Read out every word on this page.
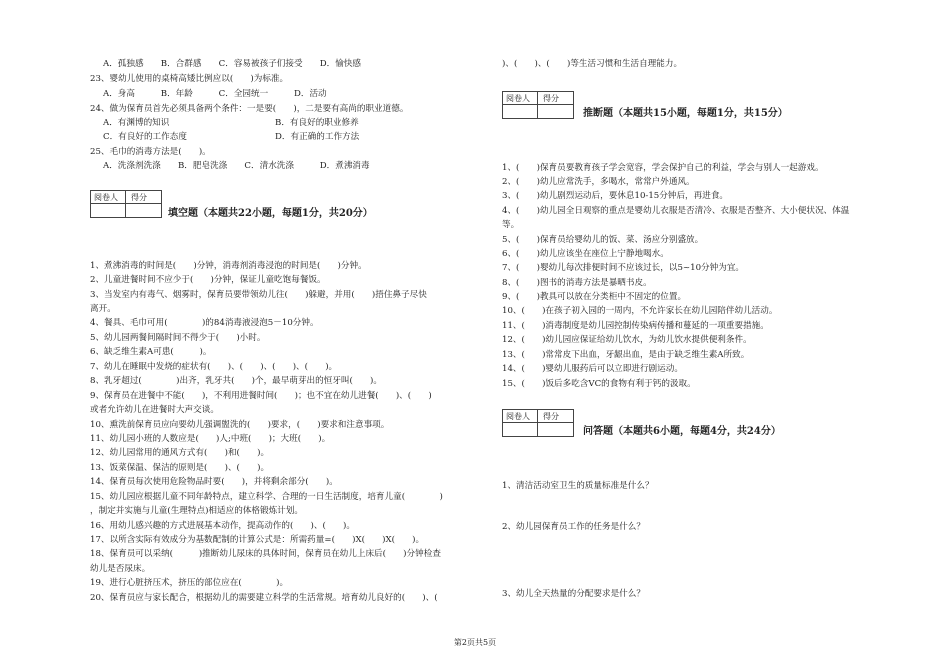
A．孤独感　　B．合群感　　C．容易被孩子们接受　　D．愉快感
23、婴幼儿使用的桌椅高矮比例应以(　　)为标准。
A．身高　　　B．年龄　　　C．全园统一　　　D．活动
24、做为保育员首先必须具备两个条件：一是要(　　)，二是要有高尚的职业道德。
A．有渊博的知识	B．有良好的职业修养
C．有良好的工作态度	D．有正确的工作方法
25、毛巾的消毒方法是(　　)。
A．洗涤剂洗涤　　B．肥皂洗涤　　C．清水洗涤　　　D．煮沸消毒
阅卷人 得分
填空题（本题共22小题，每题1分，共20分）
1、煮沸消毒的时间是(　　)分钟，消毒剂消毒浸泡的时间是(　　)分钟。
2、儿童进餐时间不应少于(　　)分钟，保证儿童吃饱每餐饭。
3、当发室内有毒气、烟雾时，保育员要带领幼儿往(　　)躲避，并用(　　)捂住鼻子尽快
离开。
4、餐具、毛巾可用(　　　　)的84消毒液浸泡5－10分钟。
5、幼儿园两餐间隔时间不得少于(　　)小时。
6、缺乏维生素A可患(　　　)。
7、幼儿在睡眠中发烧的症状有(　　)、(　　)、(　　)、(　　)。
8、乳牙超过(　　　　)出齐，乳牙共(　　)个，最早萌芽出的恒牙叫(　　)。
9、保育员在进餐中不能(　　)，不利用进餐时间(　　)；也不宜在幼儿进餐(　　)、(　　)
或者允许幼儿在进餐时大声交谈。
10、熏洗前保育员应向要幼儿强调盥洗的(　　)要求，(　　)要求和注意事项。
11、幼儿园小班的人数应是(　　)人;中班(　　)；大班(　　)。
12、幼儿园常用的通风方式有(　　)和(　　)。
13、饭菜保温、保洁的原则是(　　)、(　　)。
14、保育员每次使用危险物品时要(　　)，并将剩余部分(　　)。
15、幼儿园应根据儿童不同年龄特点，建立科学、合理的一日生活制度，培育儿童(　　　　)
，制定并实施与儿童(生理特点)相适应的体格锻炼计划。
16、用幼儿感兴趣的方式进展基本动作，提高动作的(　　)、(　　)。
17、以所含实际有效成分为基数配制的计算公式是：所需药量=(　　)X(　　)X(　　)。
18、保育员可以采纳(　　　)推断幼儿尿床的具体时间，保育员在幼儿上床后(　　)分钟检查
幼儿是否尿床。
19、进行心脏挤压术，挤压的部位应在(　　　　)。
20、保育员应与家长配合，根据幼儿的需要建立科学的生活常规。培育幼儿良好的(　　)、(
)、(　　)、(　　)等生活习惯和生活自理能力。
阅卷人 得分
推断题（本题共15小题，每题1分，共15分）
1、(　　)保育员要教育孩子学会宽容，学会保护自己的利益，学会与别人一起游戏。
2、(　　)幼儿应常洗手，多喝水，常常户外通风。
3、(　　)幼儿剧烈运动后，要休息10-15分钟后，再进食。
4、(　　)幼儿园全日观察的重点是婴幼儿衣服是否清冷、衣服是否整齐、大小便状况、体温
等。
5、(　　)保育员给婴幼儿的饭、菜、汤应分别盛放。
6、(　　)幼儿应该坐在座位上宁静地喝水。
7、(　　)婴幼儿每次排便时间不应该过长，以5~10分钟为宜。
8、(　　)图书的消毒方法是暴晒书皮。
9、(　　)教具可以放在分类柜中不固定的位置。
10、(　　)在孩子初入园的一周内，不允许家长在幼儿园陪伴幼儿活动。
11、(　　)消毒制度是幼儿园控制传染病传播和蔓延的一项重要措施。
12、(　　)幼儿园应保证给幼儿饮水，为幼儿饮水提供便利条件。
13、(　　)常常皮下出血，牙龈出血，是由于缺乏维生素A所致。
14、(　　)婴幼儿服药后可以立即进行剧运动。
15、(　　)饭后多吃含VC的食物有利于钙的汲取。
阅卷人 得分
问答题（本题共6小题，每题4分，共24分）
1、清洁活动室卫生的质量标准是什么？
2、幼儿园保育员工作的任务是什么？
3、幼儿全天热量的分配要求是什么？
第2页共5页
